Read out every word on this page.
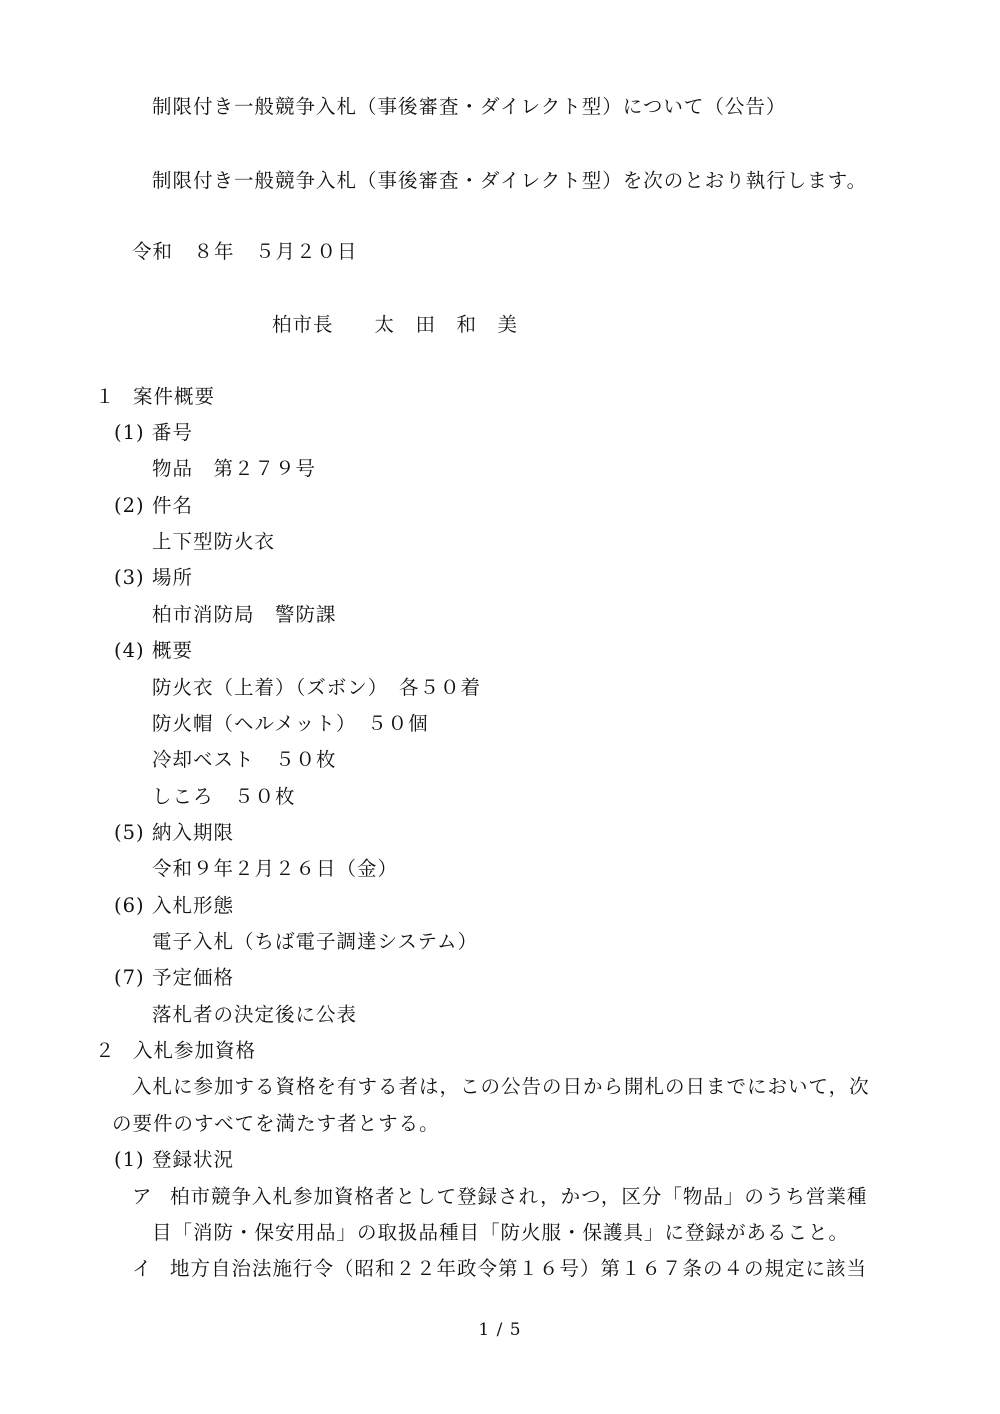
制限付き一般競争入札（事後審査・ダイレクト型）について（公告）
制限付き一般競争入札（事後審査・ダイレクト型）を次のとおり執行します。
令和　８年　５月２０日
柏市長　　太　田　和　美
１ 案件概要
(1) 番号
物品　第２７９号
(2) 件名
上下型防火衣
(3) 場所
柏市消防局　警防課
(4) 概要
防火衣（上着）（ズボン）　各５０着
防火帽（ヘルメット）　５０個
冷却ベスト　５０枚
しころ　５０枚
(5) 納入期限
令和９年２月２６日（金）
(6) 入札形態
電子入札（ちば電子調達システム）
(7) 予定価格
落札者の決定後に公表
２ 入札参加資格
入札に参加する資格を有する者は，この公告の日から開札の日までにおいて，次
の要件のすべてを満たす者とする。
(1) 登録状況
ア 柏市競争入札参加資格者として登録され，かつ，区分「物品」のうち営業種
目「消防・保安用品」の取扱品種目「防火服・保護具」に登録があること。
イ 地方自治法施行令（昭和２２年政令第１６号）第１６７条の４の規定に該当
1 / 5
